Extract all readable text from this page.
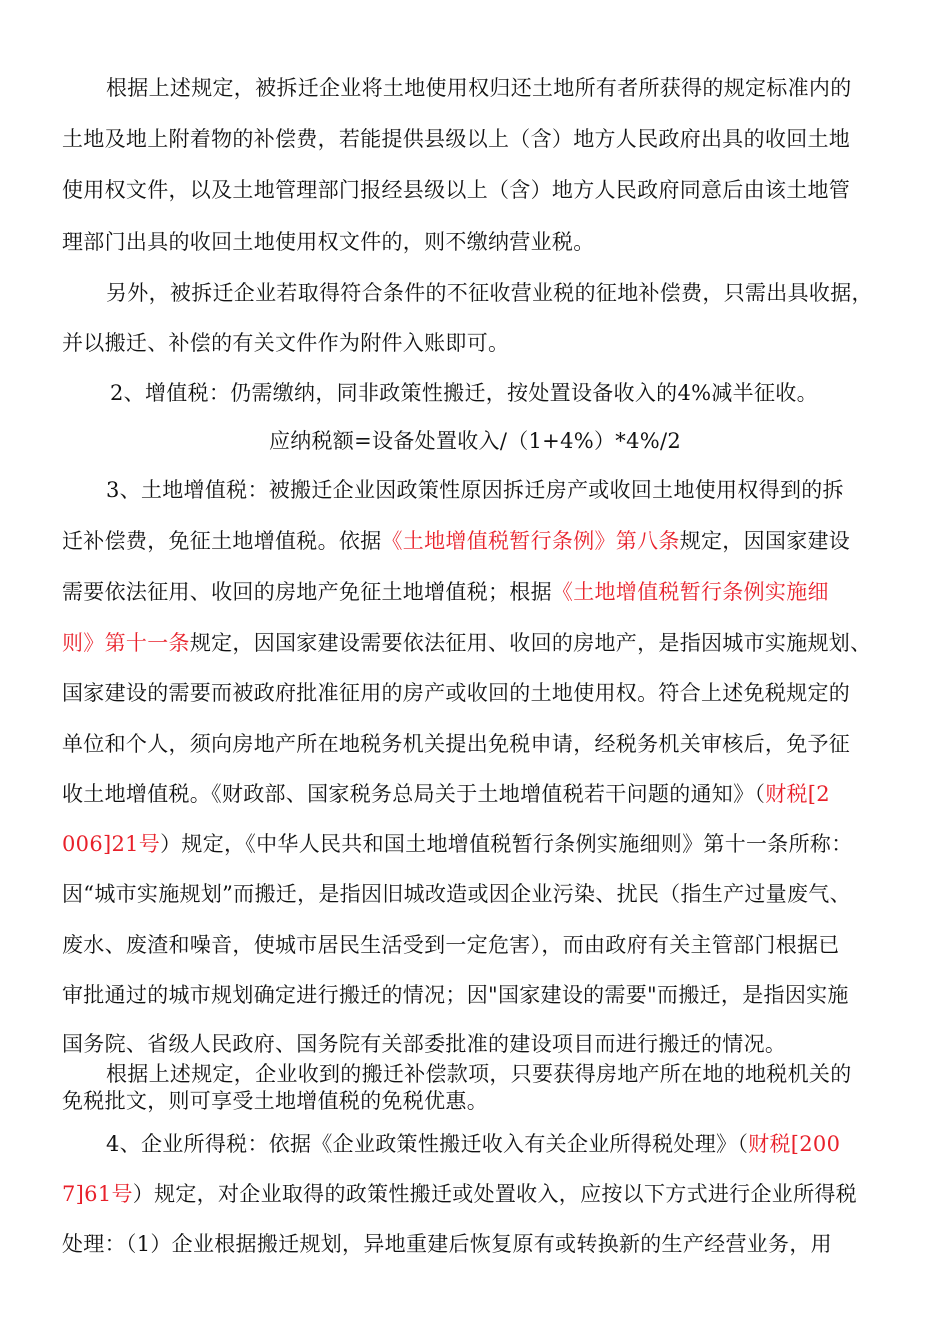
根据上述规定，被拆迁企业将土地使用权归还土地所有者所获得的规定标准内的
土地及地上附着物的补偿费，若能提供县级以上（含）地方人民政府出具的收回土地
使用权文件，以及土地管理部门报经县级以上（含）地方人民政府同意后由该土地管
理部门出具的收回土地使用权文件的，则不缴纳营业税。
另外，被拆迁企业若取得符合条件的不征收营业税的征地补偿费，只需出具收据，
并以搬迁、补偿的有关文件作为附件入账即可。
2、增值税：仍需缴纳，同非政策性搬迁，按处置设备收入的4%减半征收。
应纳税额=设备处置收入/（1+4%）*4%/2
3、土地增值税：被搬迁企业因政策性原因拆迁房产或收回土地使用权得到的拆
迁补偿费，免征土地增值税。依据《土地增值税暂行条例》第八条规定，因国家建设
需要依法征用、收回的房地产免征土地增值税；根据《土地增值税暂行条例实施细
则》第十一条规定，因国家建设需要依法征用、收回的房地产，是指因城市实施规划、
国家建设的需要而被政府批准征用的房产或收回的土地使用权。符合上述免税规定的
单位和个人，须向房地产所在地税务机关提出免税申请，经税务机关审核后，免予征
收土地增值税。《财政部、国家税务总局关于土地增值税若干问题的通知》（财税[2
006]21号）规定，《中华人民共和国土地增值税暂行条例实施细则》第十一条所称：
因“城市实施规划”而搬迁，是指因旧城改造或因企业污染、扰民（指生产过量废气、
废水、废渣和噪音，使城市居民生活受到一定危害），而由政府有关主管部门根据已
审批通过的城市规划确定进行搬迁的情况；因"国家建设的需要"而搬迁，是指因实施
国务院、省级人民政府、国务院有关部委批准的建设项目而进行搬迁的情况。
根据上述规定，企业收到的搬迁补偿款项，只要获得房地产所在地的地税机关的
免税批文，则可享受土地增值税的免税优惠。
4、企业所得税：依据《企业政策性搬迁收入有关企业所得税处理》（财税[200
7]61号）规定，对企业取得的政策性搬迁或处置收入，应按以下方式进行企业所得税
处理：（1）企业根据搬迁规划，异地重建后恢复原有或转换新的生产经营业务，用
